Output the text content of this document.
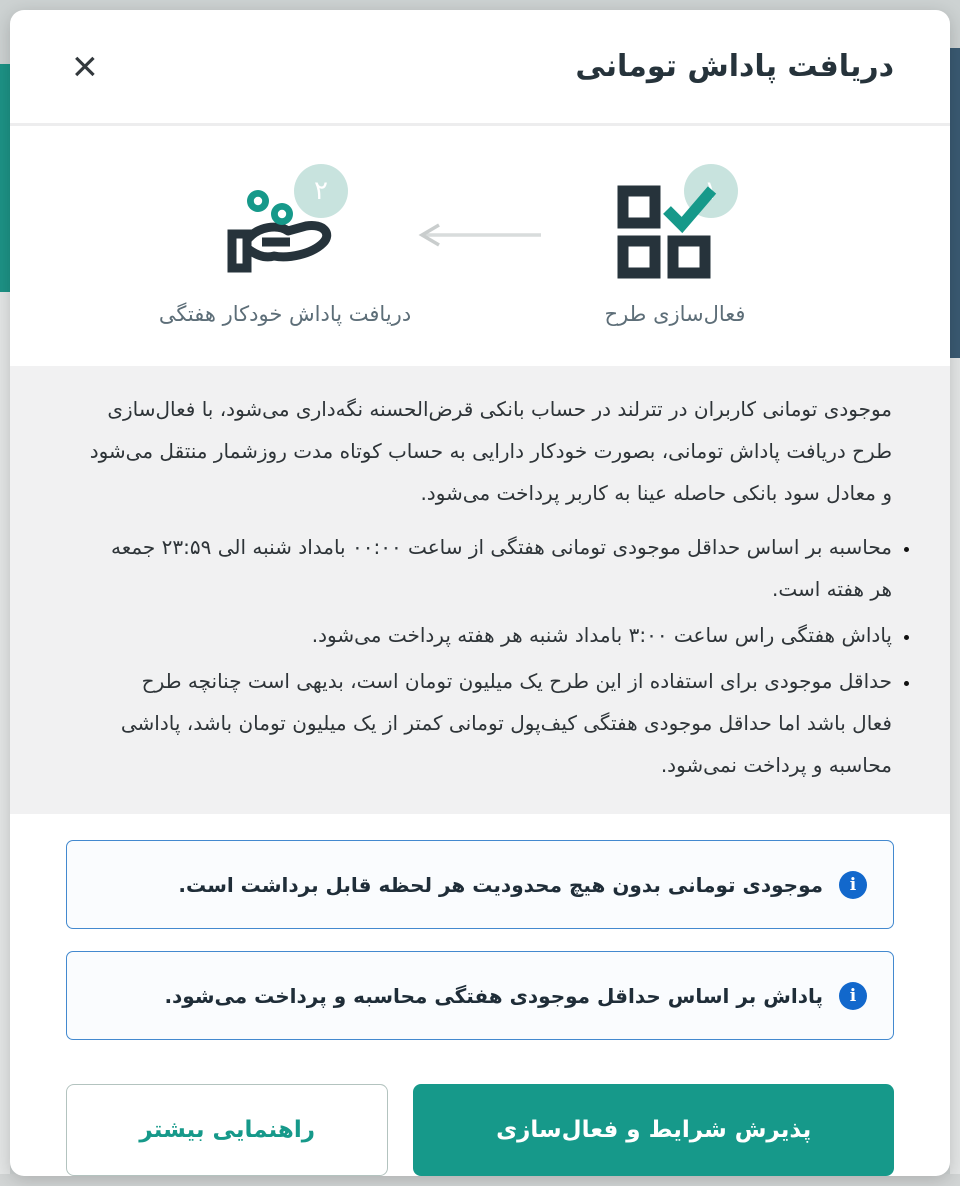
دریافت پاداش تومانی
×
۱
فعال‌سازی طرح
۲
دریافت پاداش خودکار هفتگی

موجودی تومانی کاربران در تترلند در حساب بانکی قرض‌الحسنه نگه‌داری می‌شود، با فعال‌سازی طرح دریافت پاداش تومانی، بصورت خودکار دارایی به حساب کوتاه مدت روزشمار منتقل می‌شود و معادل سود بانکی حاصله عینا به کاربر پرداخت می‌شود.

• محاسبه بر اساس حداقل موجودی تومانی هفتگی از ساعت ۰۰:۰۰ بامداد شنبه الی ۲۳:۵۹ جمعه هر هفته است.
• پاداش هفتگی راس ساعت ۳:۰۰ بامداد شنبه هر هفته پرداخت می‌شود.
• حداقل موجودی برای استفاده از این طرح یک میلیون تومان است، بدیهی است چنانچه طرح فعال باشد اما حداقل موجودی هفتگی کیف‌پول تومانی کمتر از یک میلیون تومان باشد، پاداشی محاسبه و پرداخت نمی‌شود.
i
موجودی تومانی بدون هیچ محدودیت هر لحظه قابل برداشت است.
i
پاداش بر اساس حداقل موجودی هفتگی محاسبه و پرداخت می‌شود.
پذیرش شرایط و فعال‌سازی
راهنمایی بیشتر
